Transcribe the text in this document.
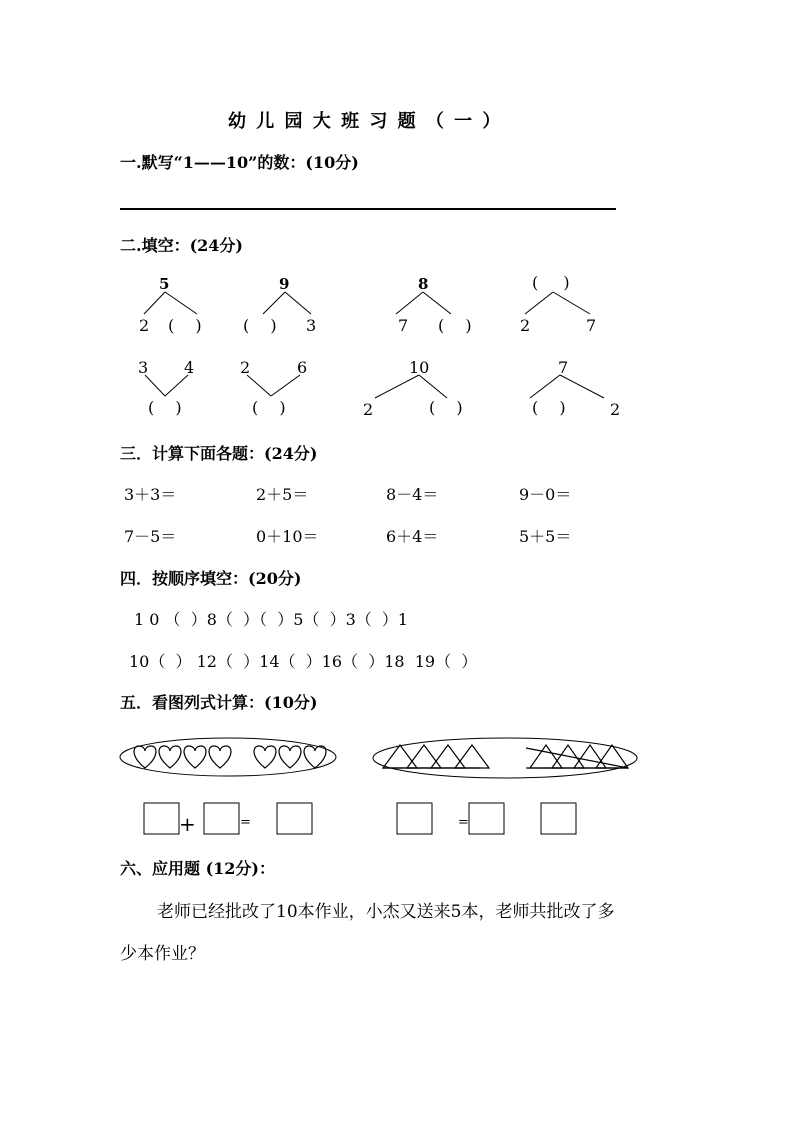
幼 儿 园 大 班 习 题 （ 一 ）
一.默写“1——10”的数：(10分)
二.填空：(24分)
5
2 ( )
9
( ) 3
8
7 ( )
( )
2	7
3 4
( )
2	6
( )
10
2	( )
7
( ) 2
三．计算下面各题：(24分)
3＋3＝	2＋5＝	8－4＝	9－0＝
7－5＝	0＋10＝	6＋4＝	5＋5＝
四．按顺序填空：(20分)
1 0 （  ）8（  ）（  ）5（  ）3（  ）1
10（  ） 12（  ）14（  ）16（  ）18  19（  ）
五．看图列式计算：(10分)
+	=	=
六、应用题 (12分)：
老师已经批改了10本作业，小杰又送来5本，老师共批改了多
少本作业？
